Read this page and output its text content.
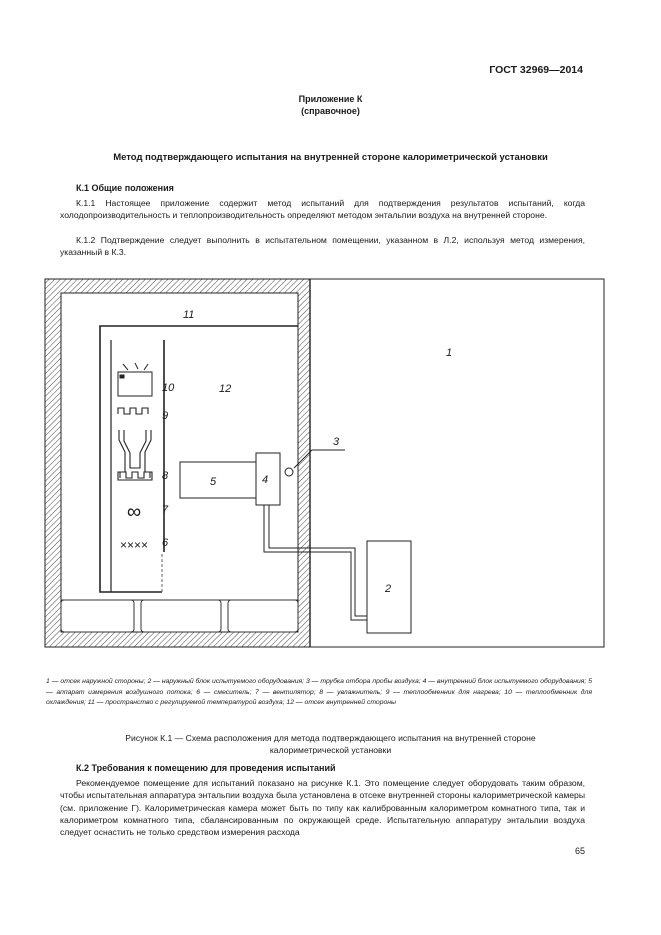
ГОСТ 32969—2014
Приложение К
(справочное)
Метод подтверждающего испытания на внутренней стороне калориметрической установки
К.1 Общие положения

К.1.1 Настоящее приложение содержит метод испытаний для подтверждения результатов испытаний, когда холодопроизводительность и теплопроизводительность определяют методом энтальпии воздуха на внутренней стороне.

К.1.2 Подтверждение следует выполнить в испытательном помещении, указанном в Л.2, используя метод измерения, указанный в К.3.

∞
××××
1
2
3
4
5
6
7
8
9
10
11
12

1 — отсек наружной стороны; 2 — наружный блок испытуемого оборудования; 3 — трубка отбора пробы воздуха; 4 — внутренний блок испытуемого оборудования; 5 — аппарат измерения воздушного потока; 6 — смеситель; 7 — вентилятор; 8 — увлажнитель; 9 — теплообменник для нагрева; 10 — теплообменник для охлаждения; 11 — пространство с регулируемой температурой воздуха; 12 — отсек внутренней стороны

Рисунок К.1 — Схема расположения для метода подтверждающего испытания на внутренней стороне калориметрической установки
К.2 Требования к помещению для проведения испытаний

Рекомендуемое помещение для испытаний показано на рисунке К.1. Это помещение следует оборудовать таким образом, чтобы испытательная аппаратура энтальпии воздуха была установлена в отсеке внутренней стороны калориметрической камеры (см. приложение Г). Калориметрическая камера может быть по типу как калиброванным калориметром комнатного типа, так и калориметром комнатного типа, сбалансированным по окружающей среде. Испытательную аппаратуру энтальпии воздуха следует оснастить не только средством измерения расхода

65
